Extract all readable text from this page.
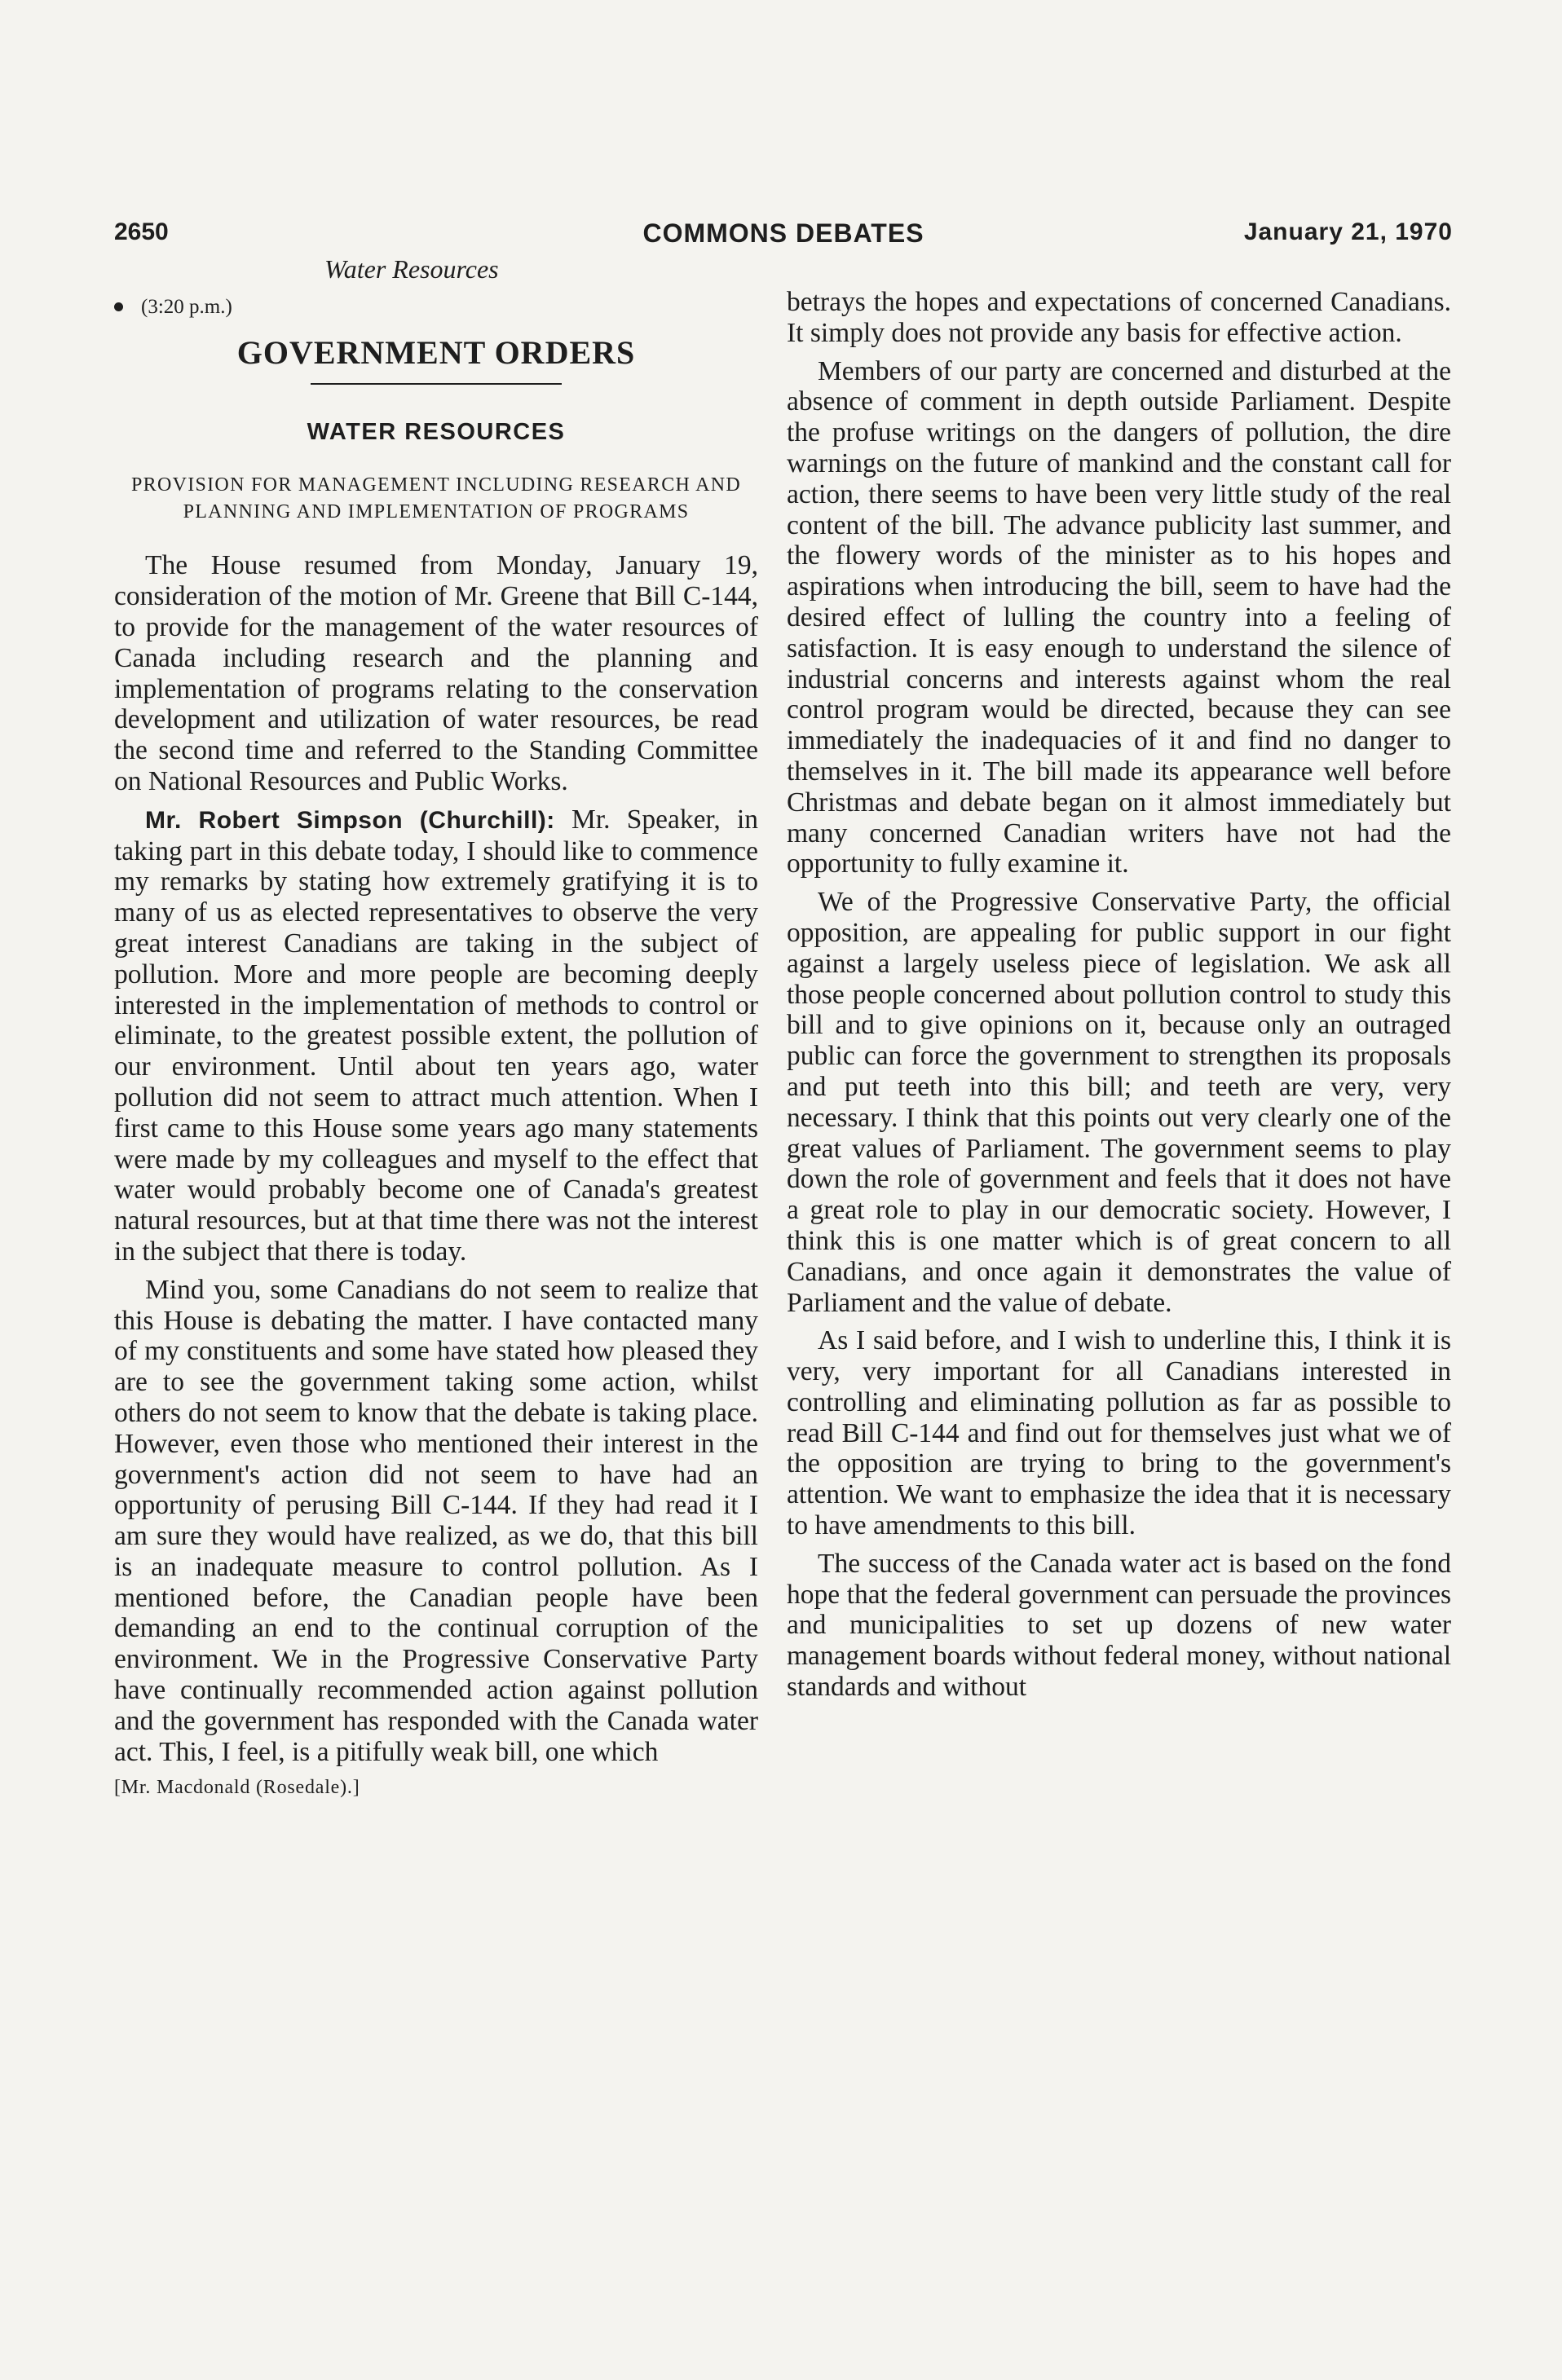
2650	COMMONS DEBATES	January 21, 1970
Water Resources
(3:20 p.m.)
GOVERNMENT ORDERS
WATER RESOURCES
PROVISION FOR MANAGEMENT INCLUDING RESEARCH AND PLANNING AND IMPLEMENTATION OF PROGRAMS

The House resumed from Monday, January 19, consideration of the motion of Mr. Greene that Bill C-144, to provide for the management of the water resources of Canada including research and the planning and implementation of programs relating to the conservation development and utilization of water resources, be read the second time and referred to the Standing Committee on National Resources and Public Works.

Mr. Robert Simpson (Churchill): Mr. Speaker, in taking part in this debate today, I should like to commence my remarks by stating how extremely gratifying it is to many of us as elected representatives to observe the very great interest Canadians are taking in the subject of pollution. More and more people are becoming deeply interested in the implementation of methods to control or eliminate, to the greatest possible extent, the pollution of our environment. Until about ten years ago, water pollution did not seem to attract much attention. When I first came to this House some years ago many statements were made by my colleagues and myself to the effect that water would probably become one of Canada's greatest natural resources, but at that time there was not the interest in the subject that there is today.

Mind you, some Canadians do not seem to realize that this House is debating the matter. I have contacted many of my constituents and some have stated how pleased they are to see the government taking some action, whilst others do not seem to know that the debate is taking place. However, even those who mentioned their interest in the government's action did not seem to have had an opportunity of perusing Bill C-144. If they had read it I am sure they would have realized, as we do, that this bill is an inadequate measure to control pollution. As I mentioned before, the Canadian people have been demanding an end to the continual corruption of the environment. We in the Progressive Conservative Party have continually recommended action against pollution and the government has responded with the Canada water act. This, I feel, is a pitifully weak bill, one which

[Mr. Macdonald (Rosedale).]

betrays the hopes and expectations of concerned Canadians. It simply does not provide any basis for effective action.

Members of our party are concerned and disturbed at the absence of comment in depth outside Parliament. Despite the profuse writings on the dangers of pollution, the dire warnings on the future of mankind and the constant call for action, there seems to have been very little study of the real content of the bill. The advance publicity last summer, and the flowery words of the minister as to his hopes and aspirations when introducing the bill, seem to have had the desired effect of lulling the country into a feeling of satisfaction. It is easy enough to understand the silence of industrial concerns and interests against whom the real control program would be directed, because they can see immediately the inadequacies of it and find no danger to themselves in it. The bill made its appearance well before Christmas and debate began on it almost immediately but many concerned Canadian writers have not had the opportunity to fully examine it.

We of the Progressive Conservative Party, the official opposition, are appealing for public support in our fight against a largely useless piece of legislation. We ask all those people concerned about pollution control to study this bill and to give opinions on it, because only an outraged public can force the government to strengthen its proposals and put teeth into this bill; and teeth are very, very necessary. I think that this points out very clearly one of the great values of Parliament. The government seems to play down the role of government and feels that it does not have a great role to play in our democratic society. However, I think this is one matter which is of great concern to all Canadians, and once again it demonstrates the value of Parliament and the value of debate.

As I said before, and I wish to underline this, I think it is very, very important for all Canadians interested in controlling and eliminating pollution as far as possible to read Bill C-144 and find out for themselves just what we of the opposition are trying to bring to the government's attention. We want to emphasize the idea that it is necessary to have amendments to this bill.

The success of the Canada water act is based on the fond hope that the federal government can persuade the provinces and municipalities to set up dozens of new water management boards without federal money, without national standards and without
